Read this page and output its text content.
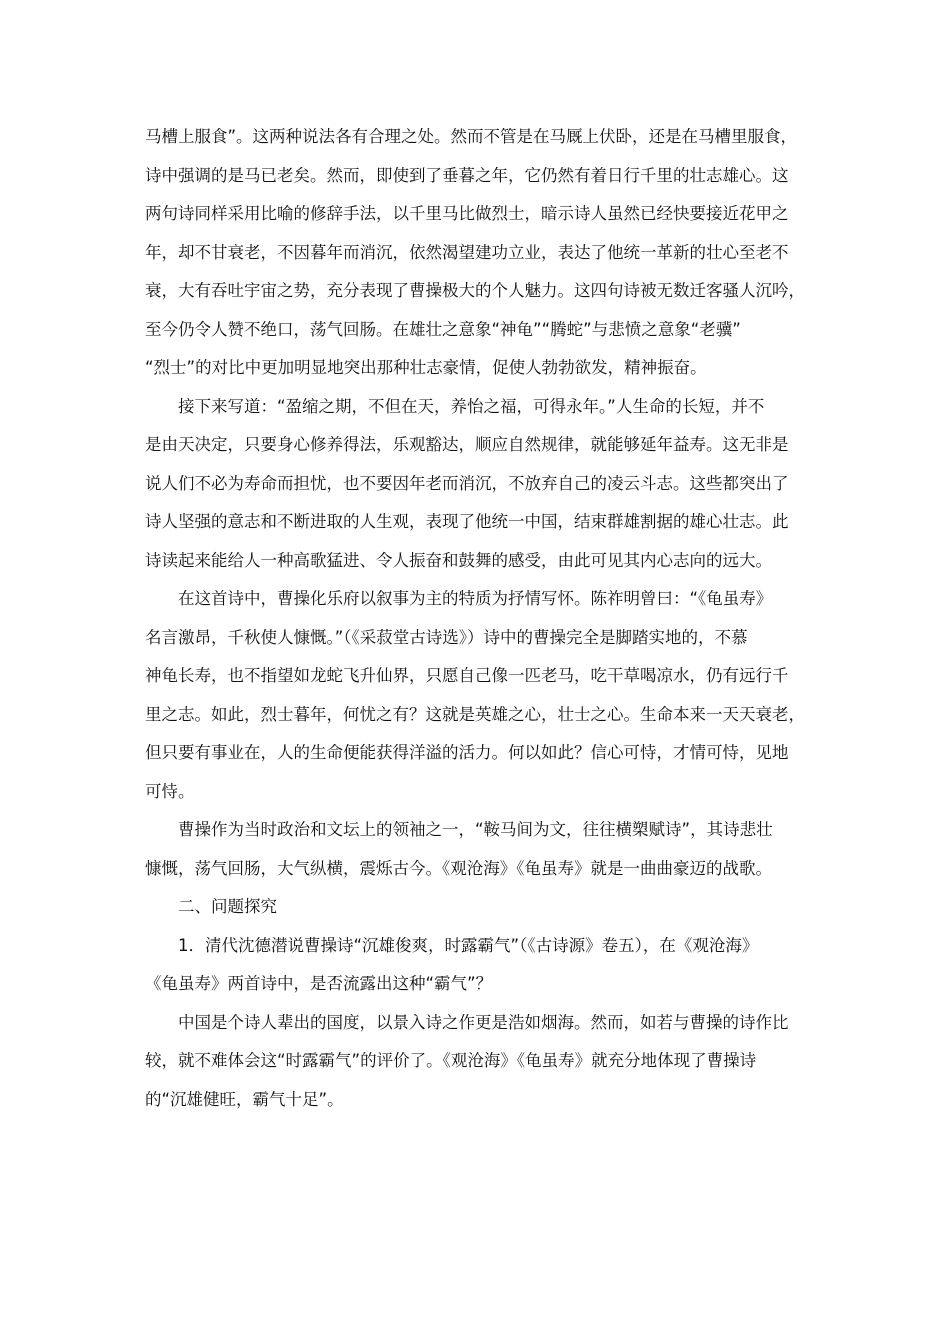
马槽上服食”。这两种说法各有合理之处。然而不管是在马厩上伏卧，还是在马槽里服食，
诗中强调的是马已老矣。然而，即使到了垂暮之年，它仍然有着日行千里的壮志雄心。这
两句诗同样采用比喻的修辞手法，以千里马比做烈士，暗示诗人虽然已经快要接近花甲之
年，却不甘衰老，不因暮年而消沉，依然渴望建功立业，表达了他统一革新的壮心至老不
衰，大有吞吐宇宙之势，充分表现了曹操极大的个人魅力。这四句诗被无数迁客骚人沉吟，
至今仍令人赞不绝口，荡气回肠。在雄壮之意象“神龟”“腾蛇”与悲愤之意象“老骥”
“烈士”的对比中更加明显地突出那种壮志豪情，促使人勃勃欲发，精神振奋。
接下来写道：“盈缩之期，不但在天，养怡之福，可得永年。”人生命的长短，并不
是由天决定，只要身心修养得法，乐观豁达，顺应自然规律，就能够延年益寿。这无非是
说人们不必为寿命而担忧，也不要因年老而消沉，不放弃自己的凌云斗志。这些都突出了
诗人坚强的意志和不断进取的人生观，表现了他统一中国，结束群雄割据的雄心壮志。此
诗读起来能给人一种高歌猛进、令人振奋和鼓舞的感受，由此可见其内心志向的远大。
在这首诗中，曹操化乐府以叙事为主的特质为抒情写怀。陈祚明曾曰：“《龟虽寿》
名言激昂，千秋使人慷慨。”（《采菽堂古诗选》）诗中的曹操完全是脚踏实地的，不慕
神龟长寿，也不指望如龙蛇飞升仙界，只愿自己像一匹老马，吃干草喝凉水，仍有远行千
里之志。如此，烈士暮年，何忧之有？这就是英雄之心，壮士之心。生命本来一天天衰老，
但只要有事业在，人的生命便能获得洋溢的活力。何以如此？信心可恃，才情可恃，见地
可恃。
曹操作为当时政治和文坛上的领袖之一，“鞍马间为文，往往横槊赋诗”，其诗悲壮
慷慨，荡气回肠，大气纵横，震烁古今。《观沧海》《龟虽寿》就是一曲曲豪迈的战歌。
二、问题探究
1．清代沈德潜说曹操诗“沉雄俊爽，时露霸气”（《古诗源》卷五），在《观沧海》
《龟虽寿》两首诗中，是否流露出这种“霸气”？
中国是个诗人辈出的国度，以景入诗之作更是浩如烟海。然而，如若与曹操的诗作比
较，就不难体会这“时露霸气”的评价了。《观沧海》《龟虽寿》就充分地体现了曹操诗
的“沉雄健旺，霸气十足”。
